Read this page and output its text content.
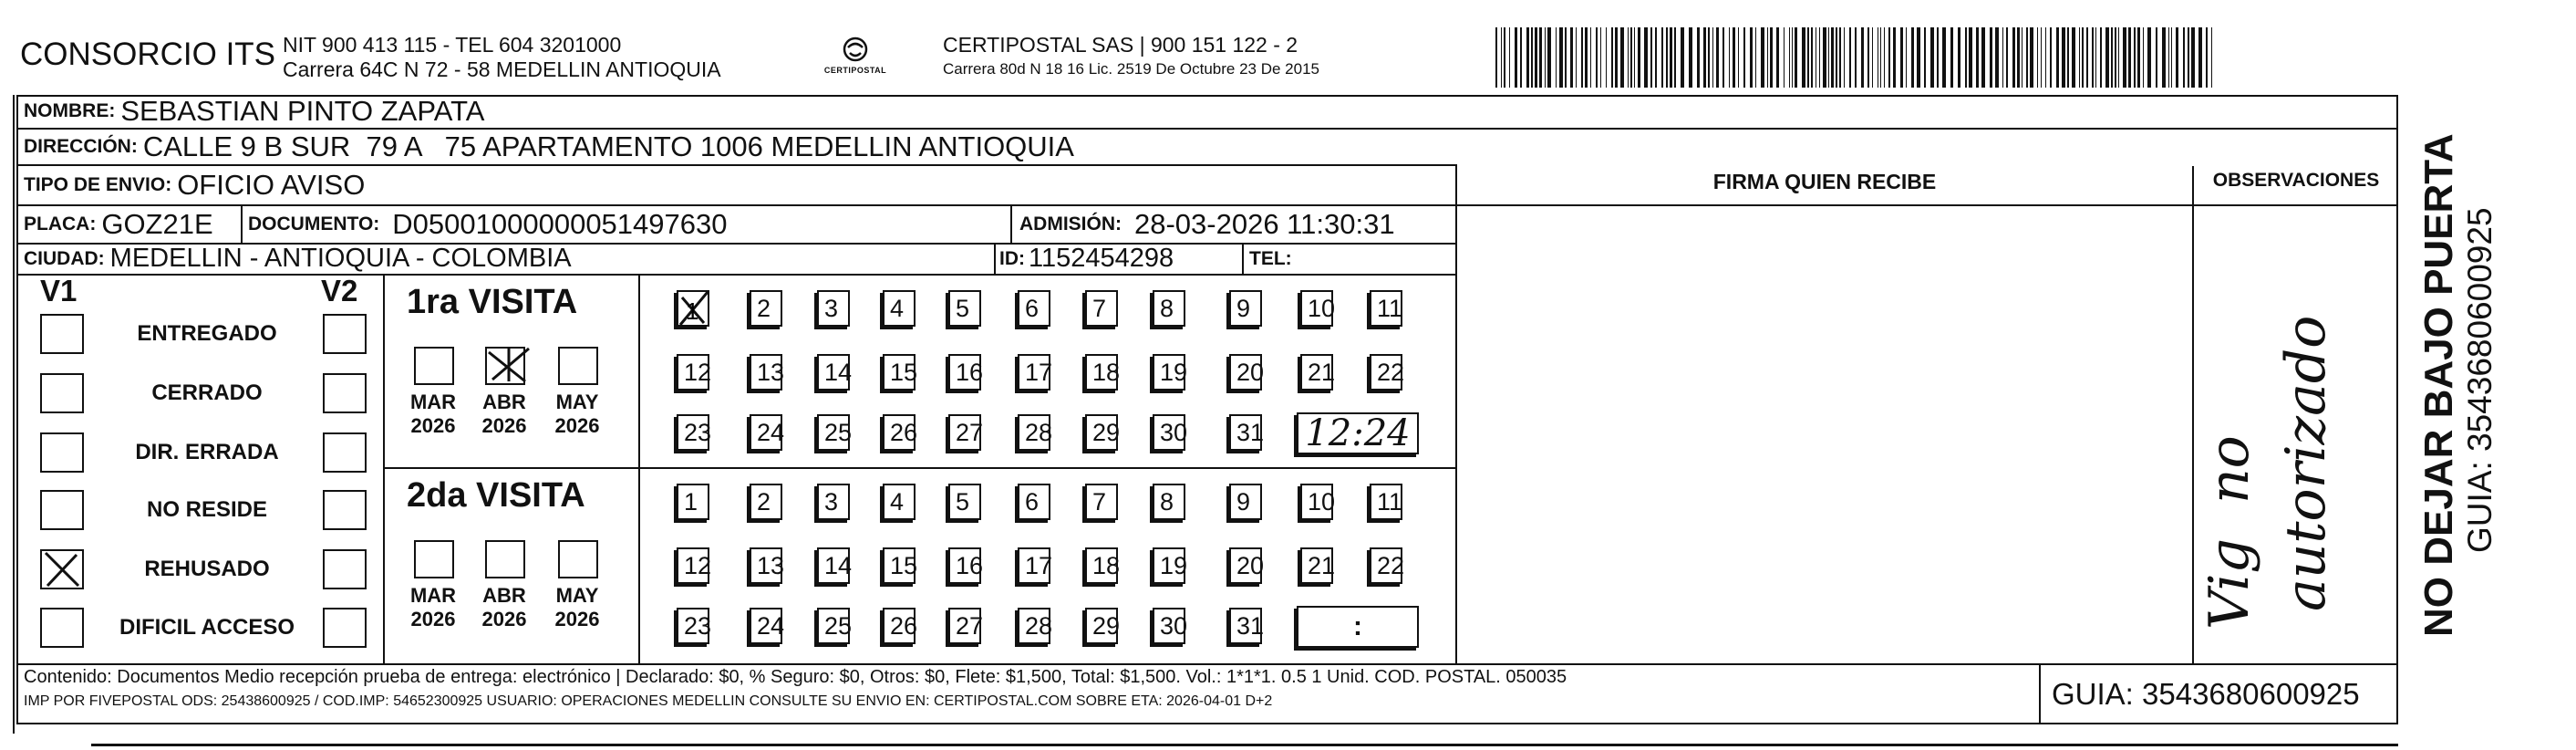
CONSORCIO ITS NIT 900 413 115 - TEL 604 3201000
Carrera 64C N 72 - 58 MEDELLIN ANTIOQUIA	CERTIPOSTAL
CERTIPOSTAL SAS | 900 151 122 - 2
Carrera 80d N 18 16 Lic. 2519 De Octubre 23 De 2015
NOMBRE: SEBASTIAN PINTO ZAPATA
DIRECCIÓN: CALLE 9 B SUR  79 A   75 APARTAMENTO 1006 MEDELLIN ANTIOQUIA
TIPO DE ENVIO: OFICIO AVISO	FIRMA QUIEN RECIBE	OBSERVACIONES
PLACA: GOZ21E DOCUMENTO: D05001000000051497630	ADMISIÓN: 28-03-2026 11:30:31
CIUDAD: MEDELLIN - ANTIOQUIA - COLOMBIA	ID: 1152454298	TEL:
V1	V2
ENTREGADO
CERRADO
DIR. ERRADA
NO RESIDE
REHUSADO
DIFICIL ACCESO
1ra VISITA
MAR
2026
ABR
2026
MAY
2026
1 2	3	4	5	6	7	8	9	10 11
12 13 14 15 16 17 18 19 20 21 22
23 24 25 26 27 28 29 30 31 12:24
2da VISITA
MAR
2026
ABR
2026
MAY
2026
1	2	3	4	5	6	7	8	9	10 11
12 13 14 15 16 17 18 19 20 21 22
23 24 25 26 27 28 29 30 31	:	Vig  no autorizado
Contenido: Documentos Medio recepción prueba de entrega: electrónico | Declarado: $0, % Seguro: $0, Otros: $0, Flete: $1,500, Total: $1,500. Vol.: 1*1*1. 0.5 1 Unid. COD. POSTAL. 050035
IMP POR FIVEPOSTAL ODS: 25438600925 / COD.IMP: 54652300925 USUARIO: OPERACIONES MEDELLIN CONSULTE SU ENVIO EN: CERTIPOSTAL.COM SOBRE ETA: 2026-04-01 D+2	GUIA: 3543680600925
NO DEJAR BAJO PUERTA GUIA: 3543680600925
